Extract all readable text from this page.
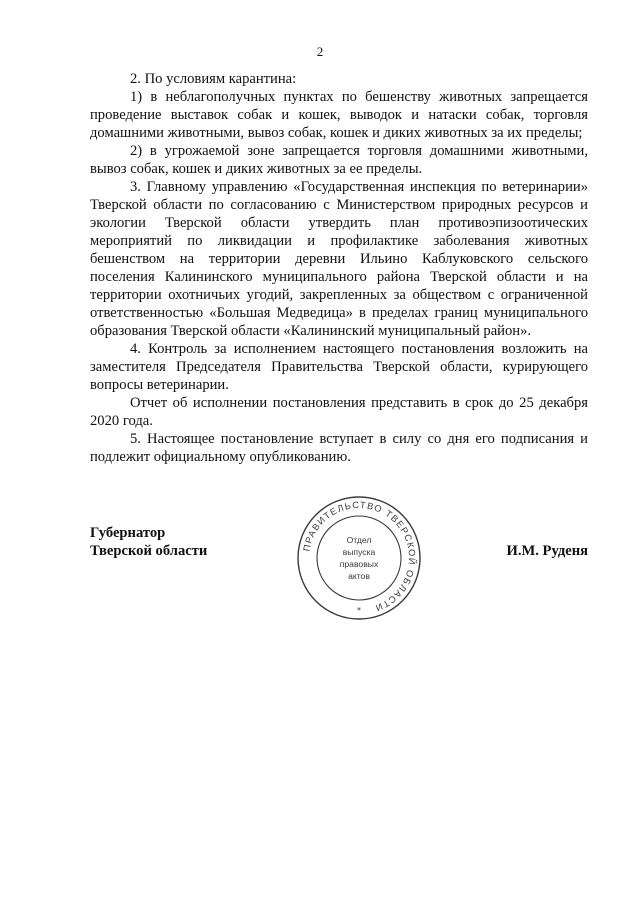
2

2. По условиям карантина:

1) в неблагополучных пунктах по бешенству животных запрещается проведение выставок собак и кошек, выводок и натаски собак, торговля домашними животными, вывоз собак, кошек и диких животных за их пределы;

2) в угрожаемой зоне запрещается торговля домашними животными, вывоз собак, кошек и диких животных за ее пределы.

3. Главному управлению «Государственная инспекция по ветеринарии» Тверской области по согласованию с Министерством природных ресурсов и экологии Тверской области утвердить план противоэпизоотических мероприятий по ликвидации и профилактике заболевания животных бешенством на территории деревни Ильино Каблуковского сельского поселения Калининского муниципального района Тверской области и на территории охотничьих угодий, закрепленных за обществом с ограниченной ответственностью «Большая Медведица» в пределах границ муниципального образования Тверской области «Калининский муниципальный район».

4. Контроль за исполнением настоящего постановления возложить на заместителя Председателя Правительства Тверской области, курирующего вопросы ветеринарии.

Отчет об исполнении постановления представить в срок до 25 декабря 2020 года.

5. Настоящее постановление вступает в силу со дня его подписания и подлежит официальному опубликованию.

Губернатор
Тверской области	И.М. Руденя
ПРАВИТЕЛЬСТВО ТВЕРСКОЙ ОБЛАСТИ
*
Отдел
выпуска
правовых
актов
